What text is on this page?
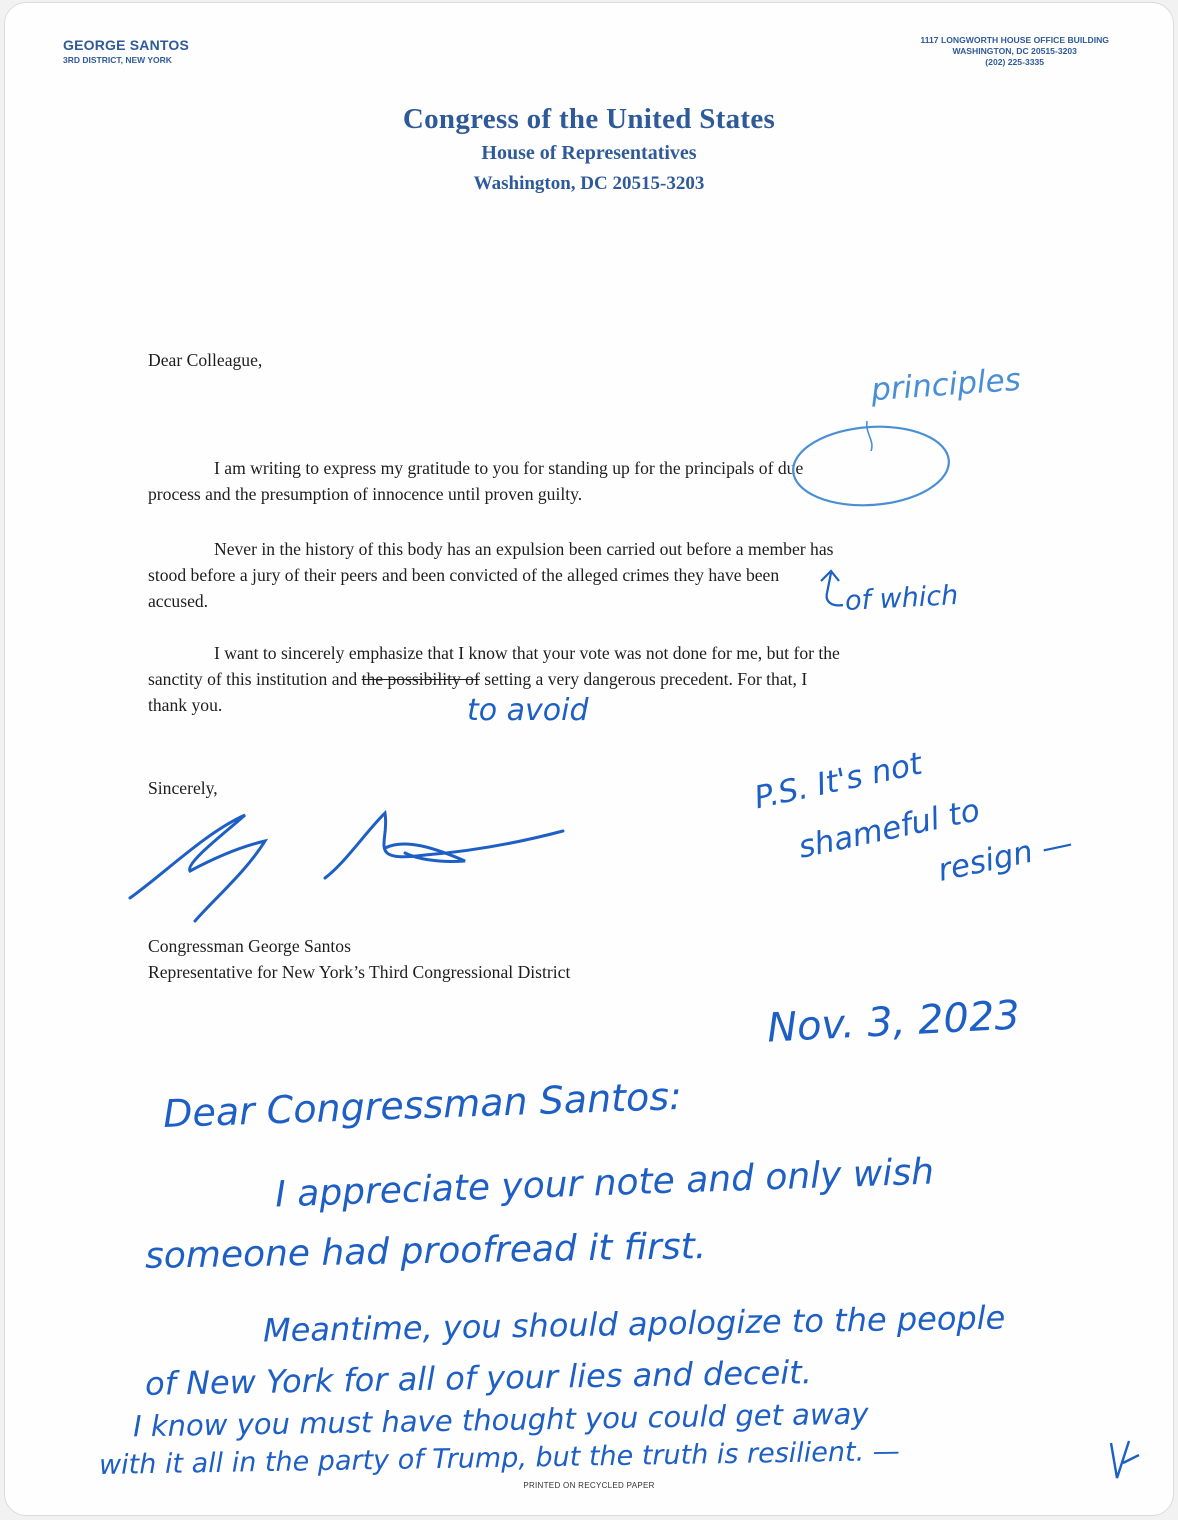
GEORGE SANTOS
3RD DISTRICT, NEW YORK
1117 LONGWORTH HOUSE OFFICE BUILDING
WASHINGTON, DC 20515-3203
(202) 225-3335
Congress of the United States
House of Representatives
Washington, DC 20515-3203
Dear Colleague,
I am writing to express my gratitude to you for standing up for the principals of due
process and the presumption of innocence until proven guilty.
Never in the history of this body has an expulsion been carried out before a member has
stood before a jury of their peers and been convicted of the alleged crimes they have been
accused.
I want to sincerely emphasize that I know that your vote was not done for me, but for the
sanctity of this institution and the possibility of setting a very dangerous precedent. For that, I
thank you.
Sincerely,
Congressman George Santos
Representative for New York’s Third Congressional District
principles
of which
to avoid
P.S. It's not
shameful to
resign —
Nov. 3, 2023
Dear Congressman Santos:
I appreciate your note and only wish
someone had proofread it first.
Meantime, you should apologize to the people
of New York for all of your lies and deceit.
I know you must have thought you could get away
with it all in the party of Trump, but the truth is resilient. —
PRINTED ON RECYCLED PAPER
